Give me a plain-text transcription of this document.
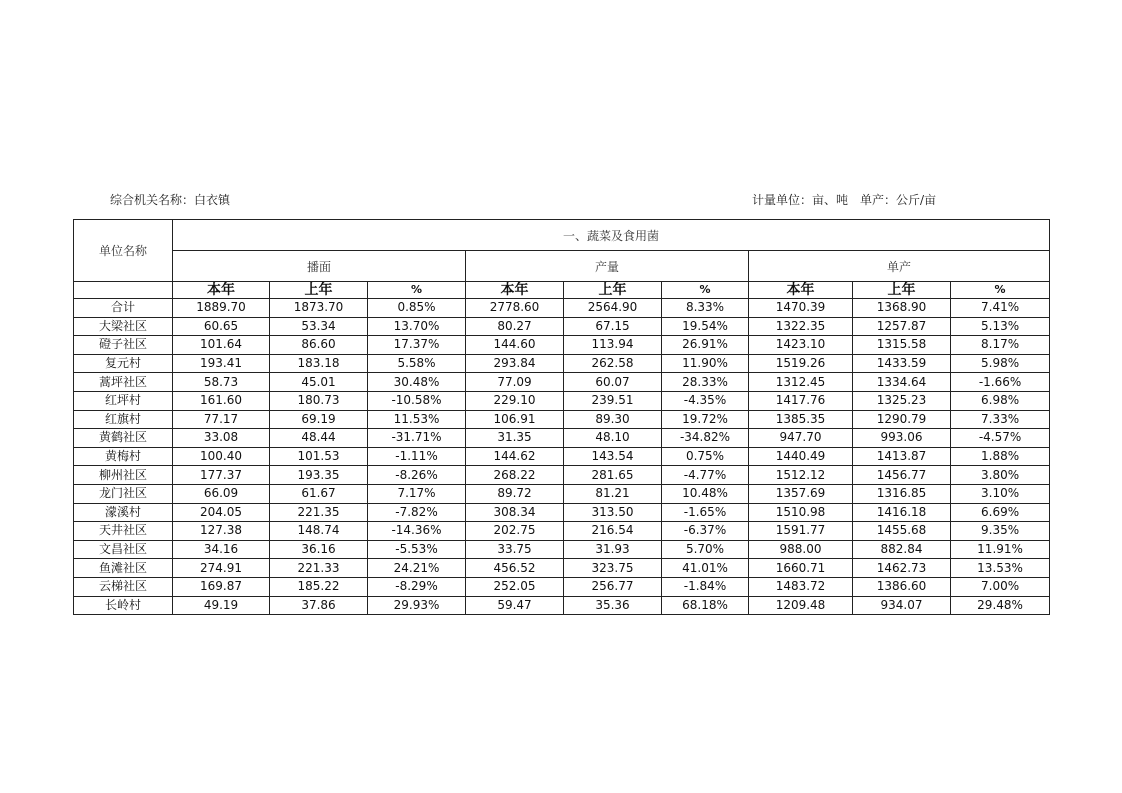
综合机关名称：白衣镇	计量单位：亩、吨　单产：公斤/亩
单位名称	一、蔬菜及食用菌								
	播面			产量			单产		
	本年	上年	%	本年	上年	%	本年	上年	%
合计	1889.70	1873.70	0.85%	2778.60	2564.90	8.33%	1470.39	1368.90	7.41%
大梁社区	60.65	53.34	13.70%	80.27	67.15	19.54%	1322.35	1257.87	5.13%
磴子社区	101.64	86.60	17.37%	144.60	113.94	26.91%	1423.10	1315.58	8.17%
复元村	193.41	183.18	5.58%	293.84	262.58	11.90%	1519.26	1433.59	5.98%
蒿坪社区	58.73	45.01	30.48%	77.09	60.07	28.33%	1312.45	1334.64	-1.66%
红坪村	161.60	180.73	-10.58%	229.10	239.51	-4.35%	1417.76	1325.23	6.98%
红旗村	77.17	69.19	11.53%	106.91	89.30	19.72%	1385.35	1290.79	7.33%
黄鹤社区	33.08	48.44	-31.71%	31.35	48.10	-34.82%	947.70	993.06	-4.57%
黄梅村	100.40	101.53	-1.11%	144.62	143.54	0.75%	1440.49	1413.87	1.88%
柳州社区	177.37	193.35	-8.26%	268.22	281.65	-4.77%	1512.12	1456.77	3.80%
龙门社区	66.09	61.67	7.17%	89.72	81.21	10.48%	1357.69	1316.85	3.10%
濛溪村	204.05	221.35	-7.82%	308.34	313.50	-1.65%	1510.98	1416.18	6.69%
天井社区	127.38	148.74	-14.36%	202.75	216.54	-6.37%	1591.77	1455.68	9.35%
文昌社区	34.16	36.16	-5.53%	33.75	31.93	5.70%	988.00	882.84	11.91%
鱼滩社区	274.91	221.33	24.21%	456.52	323.75	41.01%	1660.71	1462.73	13.53%
云梯社区	169.87	185.22	-8.29%	252.05	256.77	-1.84%	1483.72	1386.60	7.00%
长岭村	49.19	37.86	29.93%	59.47	35.36	68.18%	1209.48	934.07	29.48%
